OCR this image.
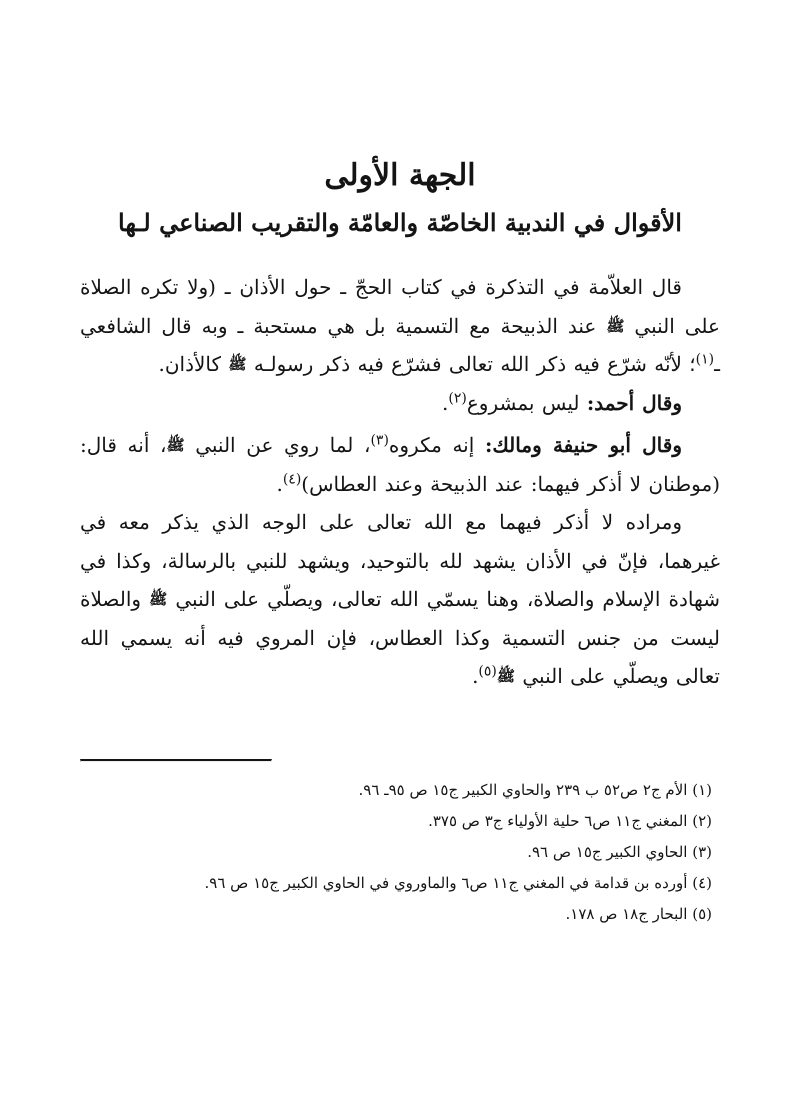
الجهة الأولى
الأقوال في الندبية الخاصّة والعامّة والتقريب الصناعي لـها

قال العلاّمة في التذكرة في كتاب الحجّ ـ حول الأذان ـ (ولا تكره الصلاة على النبي ﷺ عند الذبيحة مع التسمية بل هي مستحبة ـ وبه قال الشافعي ـ$^{(١)}$؛ لأنّه شرّع فيه ذكر الله تعالى فشرّع فيه ذكر رسولـه ﷺ كالأذان.

وقال أحمد: ليس بمشروع$^{(٢)}$.

وقال أبو حنيفة ومالك: إنه مكروه$^{(٣)}$، لما روي عن النبي ﷺ، أنه قال: (موطنان لا أذكر فيهما: عند الذبيحة وعند العطاس)$^{(٤)}$.

ومراده لا أذكر فيهما مع الله تعالى على الوجه الذي يذكر معه في غيرهما، فإنّ في الأذان يشهد لله بالتوحيد، ويشهد للنبي بالرسالة، وكذا في شهادة الإسلام والصلاة، وهنا يسمّي الله تعالى، ويصلّي على النبي ﷺ والصلاة ليست من جنس التسمية وكذا العطاس، فإن المروي فيه أنه يسمي الله تعالى ويصلّي على النبي ﷺ$^{(٥)}$.

(١) الأم ج٢ ص٥٢ ب ٢٣٩ والحاوي الكبير ج١٥ ص ٩٥ـ ٩٦.
(٢) المغني ج١١ ص٦ حلية الأولياء ج٣ ص ٣٧٥.
(٣) الحاوي الكبير ج١٥ ص ٩٦.
(٤) أورده بن قدامة في المغني ج١١ ص٦ والماوروي في الحاوي الكبير ج١٥ ص ٩٦.
(٥) البحار ج١٨ ص ١٧٨.
